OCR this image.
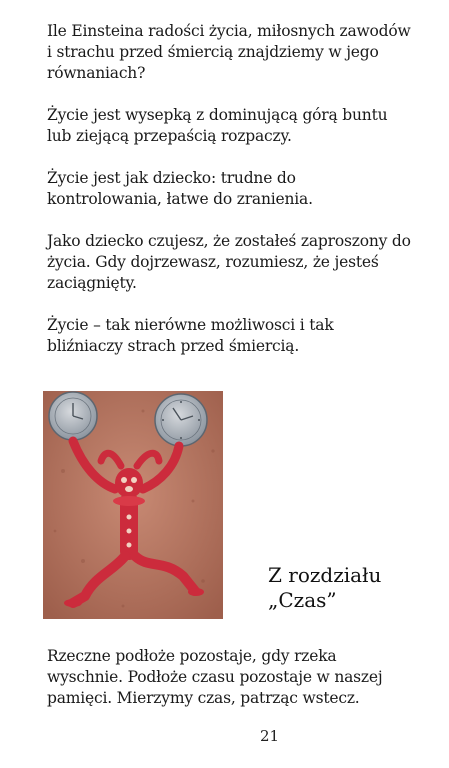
Ile Einsteina radości życia, miłosnych zawodów i strachu przed śmiercią znajdziemy w jego równaniach?

Życie jest wysepką z dominującą górą buntu lub ziejącą przepaścią rozpaczy.

Życie jest jak dziecko: trudne do kontrolowania, łatwe do zranienia.

Jako dziecko czujesz, że zostałeś zaproszony do życia. Gdy dojrzewasz, rozumiesz, że jesteś zaciągnięty.

Życie – tak nierówne możliwosci i tak bliźniaczy strach przed śmiercią.

Z rozdziału
„Czas”

Rzeczne podłoże pozostaje, gdy rzeka wyschnie. Podłoże czasu pozostaje w naszej pamięci. Mierzymy czas, patrząc wstecz.

21
